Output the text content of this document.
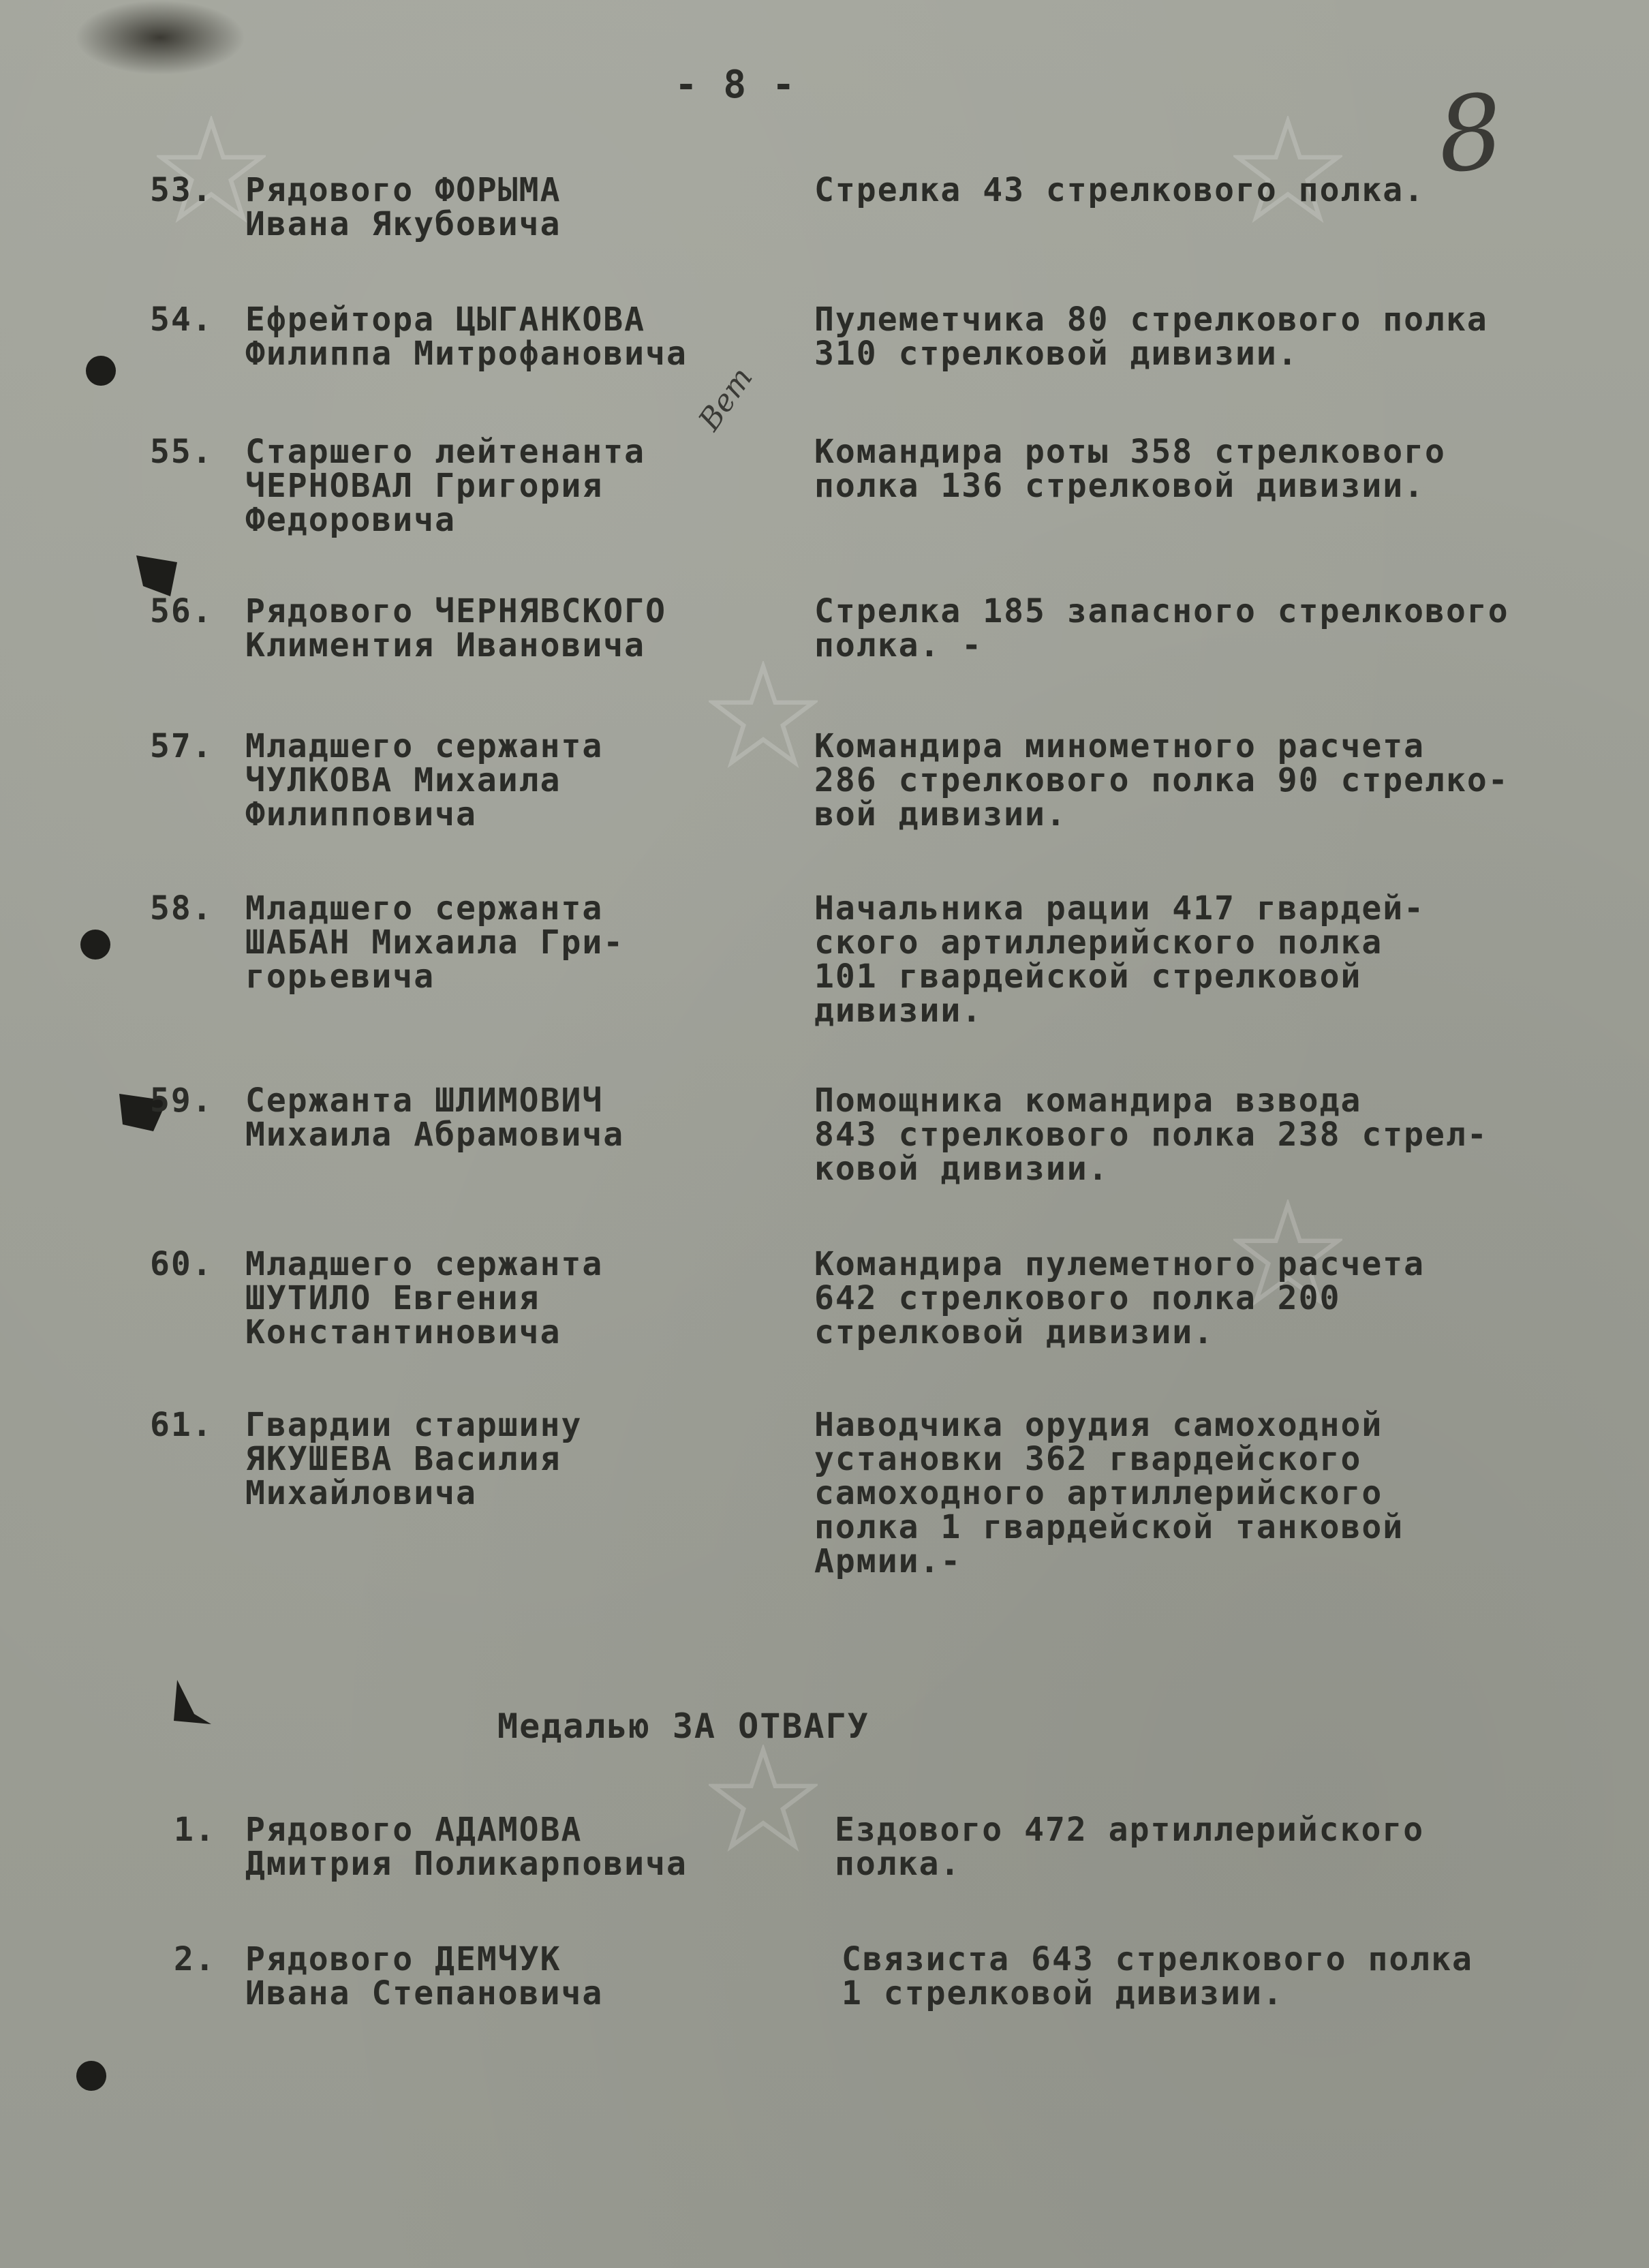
- 8 -	8
Вет
53. Рядового ФОРЫМА
Ивана Якубовича
Стрелка 43 стрелкового полка.
54. Ефрейтора ЦЫГАНКОВА
Филиппа Митрофановича
Пулеметчика 80 стрелкового полка
310 стрелковой дивизии.
55. Старшего лейтенанта
ЧЕРНОВАЛ Григория
Федоровича
Командира роты 358 стрелкового
полка 136 стрелковой дивизии.
56. Рядового ЧЕРНЯВСКОГО
Климентия Ивановича
Стрелка 185 запасного стрелкового
полка. -
57. Младшего сержанта
ЧУЛКОВА Михаила
Филипповича
Командира минометного расчета
286 стрелкового полка 90 стрелко-
вой дивизии.
58. Младшего сержанта
ШАБАН Михаила Гри-
горьевича
Начальника рации 417 гвардей-
ского артиллерийского полка
101 гвардейской стрелковой
дивизии.
59. Сержанта ШЛИМОВИЧ
Михаила Абрамовича
Помощника командира взвода
843 стрелкового полка 238 стрел-
ковой дивизии.
60. Младшего сержанта
ШУТИЛО Евгения
Константиновича
Командира пулеметного расчета
642 стрелкового полка 200
стрелковой дивизии.
61. Гвардии старшину
ЯКУШЕВА Василия
Михайловича
Наводчика орудия самоходной
установки 362 гвардейского
самоходного артиллерийского
полка 1 гвардейской танковой
Армии.-
Медалью ЗА ОТВАГУ
1. Рядового АДАМОВА
Дмитрия Поликарповича
Ездового 472 артиллерийского
полка.
2. Рядового ДЕМЧУК
Ивана Степановича
Связиста 643 стрелкового полка
1 стрелковой дивизии.
